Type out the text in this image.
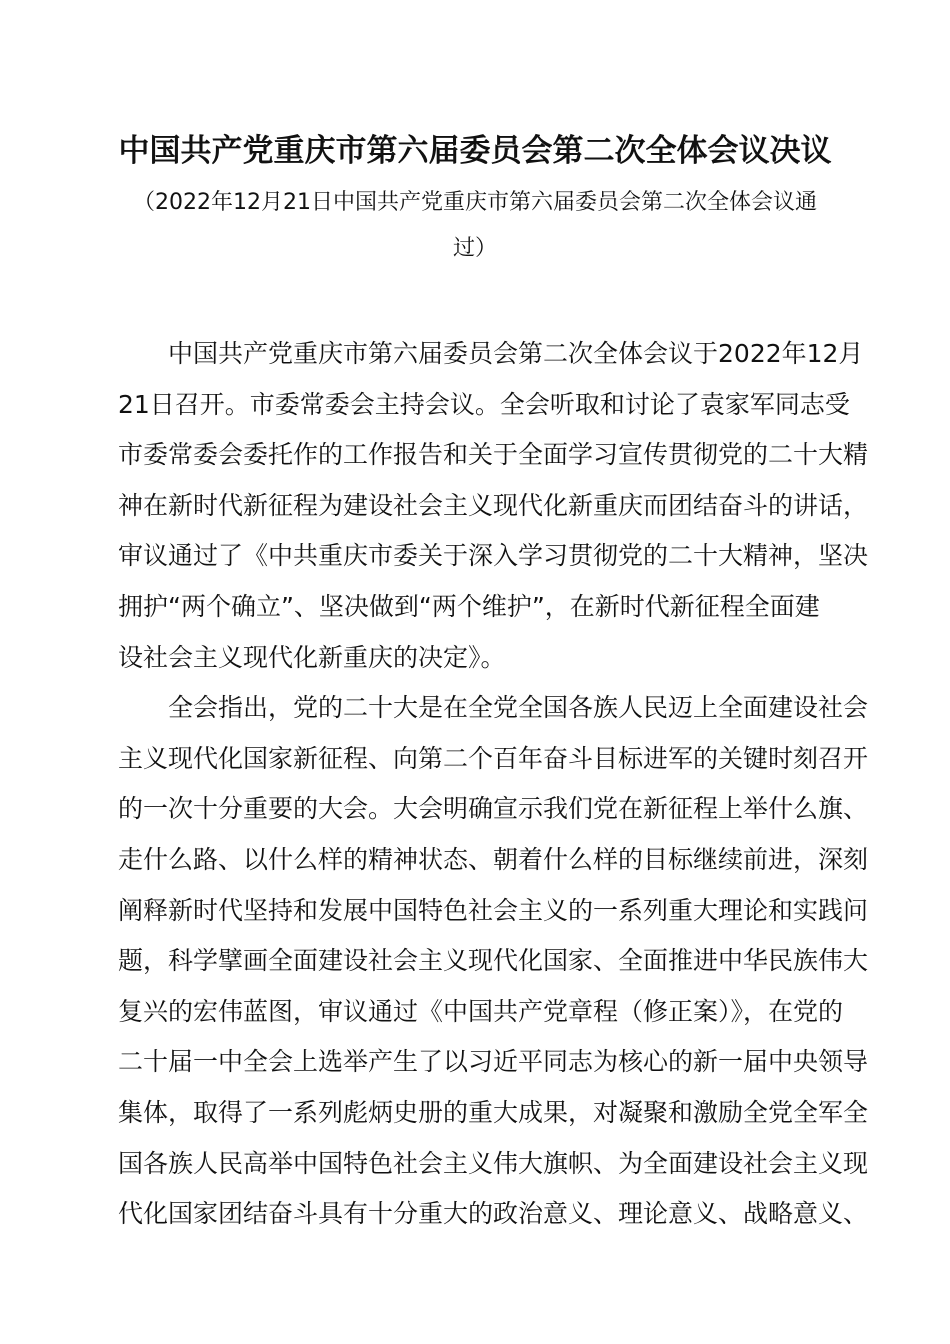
中国共产党重庆市第六届委员会第二次全体会议决议
（2022年12月21日中国共产党重庆市第六届委员会第二次全体会议通
过）
中国共产党重庆市第六届委员会第二次全体会议于2022年12月
21日召开。市委常委会主持会议。全会听取和讨论了袁家军同志受
市委常委会委托作的工作报告和关于全面学习宣传贯彻党的二十大精
神在新时代新征程为建设社会主义现代化新重庆而团结奋斗的讲话，
审议通过了《中共重庆市委关于深入学习贯彻党的二十大精神，坚决
拥护“两个确立”、坚决做到“两个维护”，在新时代新征程全面建
设社会主义现代化新重庆的决定》。
全会指出，党的二十大是在全党全国各族人民迈上全面建设社会
主义现代化国家新征程、向第二个百年奋斗目标进军的关键时刻召开
的一次十分重要的大会。大会明确宣示我们党在新征程上举什么旗、
走什么路、以什么样的精神状态、朝着什么样的目标继续前进，深刻
阐释新时代坚持和发展中国特色社会主义的一系列重大理论和实践问
题，科学擘画全面建设社会主义现代化国家、全面推进中华民族伟大
复兴的宏伟蓝图，审议通过《中国共产党章程（修正案）》，在党的
二十届一中全会上选举产生了以习近平同志为核心的新一届中央领导
集体，取得了一系列彪炳史册的重大成果，对凝聚和激励全党全军全
国各族人民高举中国特色社会主义伟大旗帜、为全面建设社会主义现
代化国家团结奋斗具有十分重大的政治意义、理论意义、战略意义、
